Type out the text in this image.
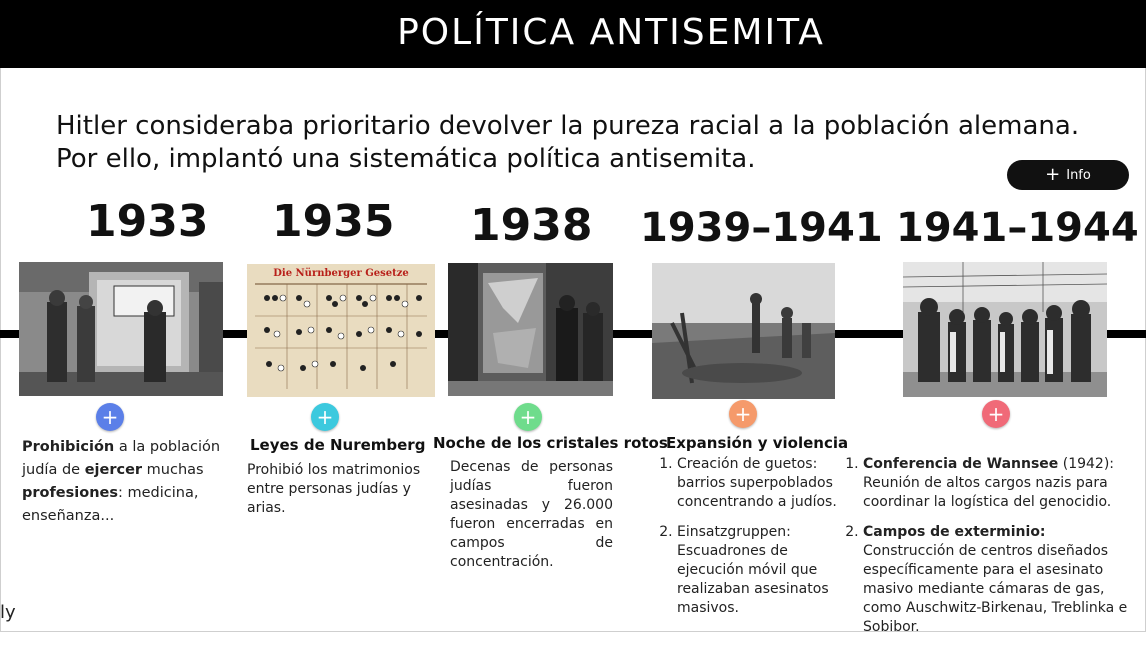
POLÍTICA ANTISEMITA
Hitler consideraba prioritario devolver la pureza racial a la población alemana.
Por ello, implantó una sistemática política antisemita.
+ Info
1933 1935 1938 1939–1941 1941–1944
Die Nürnberger Gesetze
+	+	+	+	+
Prohibición a la población judía de ejercer muchas profesiones: medicina, enseñanza...
Leyes de Nuremberg
Prohibió los matrimonios entre personas judías y arias.
Noche de los cristales rotos
Decenas de personas judías fueron asesinadas y 26.000 fueron encerradas en campos de concentración.
Expansión y violencia
1. Creación de guetos: barrios superpoblados concentrando a judíos.
2. Einsatzgruppen: Escuadrones de ejecución móvil que realizaban asesinatos masivos.
1. Conferencia de Wannsee (1942): Reunión de altos cargos nazis para coordinar la logística del genocidio.
2. Campos de exterminio: Construcción de centros diseñados específicamente para el asesinato masivo mediante cámaras de gas, como Auschwitz-Birkenau, Treblinka e Sobibor.
ly
